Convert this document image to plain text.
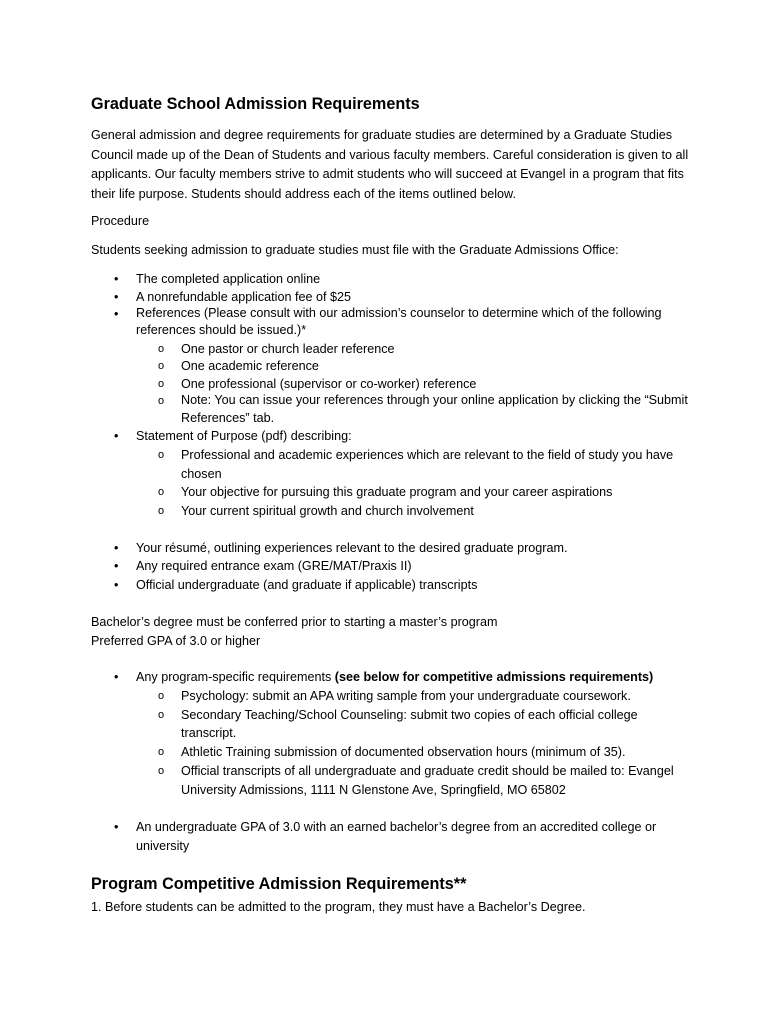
Graduate School Admission Requirements

General admission and degree requirements for graduate studies are determined by a Graduate Studies Council made up of the Dean of Students and various faculty members. Careful consideration is given to all applicants. Our faculty members strive to admit students who will succeed at Evangel in a program that fits their life purpose. Students should address each of the items outlined below.

Procedure

Students seeking admission to graduate studies must file with the Graduate Admissions Office:

•	The completed application online
•	A nonrefundable application fee of $25
•	References (Please consult with our admission’s counselor to determine which of the following references should be issued.)*
o	One pastor or church leader reference
o	One academic reference
o	One professional (supervisor or co-worker) reference
o	Note: You can issue your references through your online application by clicking the “Submit References” tab.
•	Statement of Purpose (pdf) describing:
o	Professional and academic experiences which are relevant to the field of study you have chosen
o	Your objective for pursuing this graduate program and your career aspirations
o	Your current spiritual growth and church involvement
•	Your résumé, outlining experiences relevant to the desired graduate program.
•	Any required entrance exam (GRE/MAT/Praxis II)
•	Official undergraduate (and graduate if applicable) transcripts

Bachelor’s degree must be conferred prior to starting a master’s program

Preferred GPA of 3.0 or higher

•	Any program-specific requirements (see below for competitive admissions requirements)
o	Psychology: submit an APA writing sample from your undergraduate coursework.
o	Secondary Teaching/School Counseling: submit two copies of each official college transcript.
o	Athletic Training submission of documented observation hours (minimum of 35).
o	Official transcripts of all undergraduate and graduate credit should be mailed to: Evangel University Admissions, 1111 N Glenstone Ave, Springfield, MO 65802
•	An undergraduate GPA of 3.0 with an earned bachelor’s degree from an accredited college or university
Program Competitive Admission Requirements**

1. Before students can be admitted to the program, they must have a Bachelor’s Degree.
